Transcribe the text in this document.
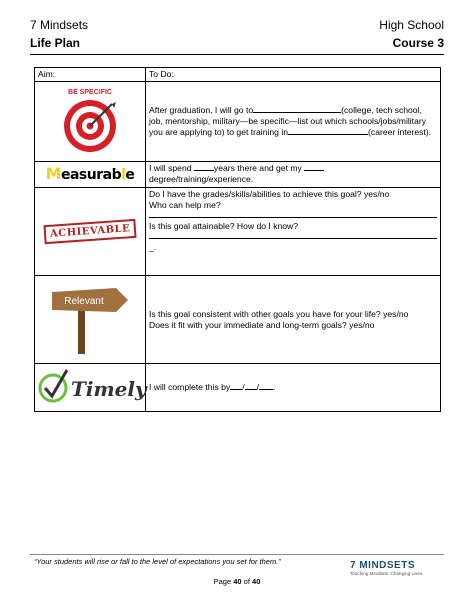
7 Mindsets
Life Plan
High School
Course 3
Aim:	To Do:

BE SPECIFIC	After graduation, I will go to (college, tech school, job, mentorship, military—be specific—list out which schools/jobs/military you are applying to) to get training in (career interest).
Measurable	I will spend years there and get my
degree/training/experience.
ACHIEVABLE	Do I have the grades/skills/abilities to achieve this goal? yes/no
Who can help me?
Is this goal attainable? How do I know?
_.

Relevant	Is this goal consistent with other goals you have for your life? yes/no
Does it fit with your immediate and long-term goals? yes/no

Timely	I will complete this by / / .
“Your students will rise or fall to the level of expectations you set for them.”
Page 40 of 40
7 MINDSETS
Teaching Mindsets. Changing Lives.
